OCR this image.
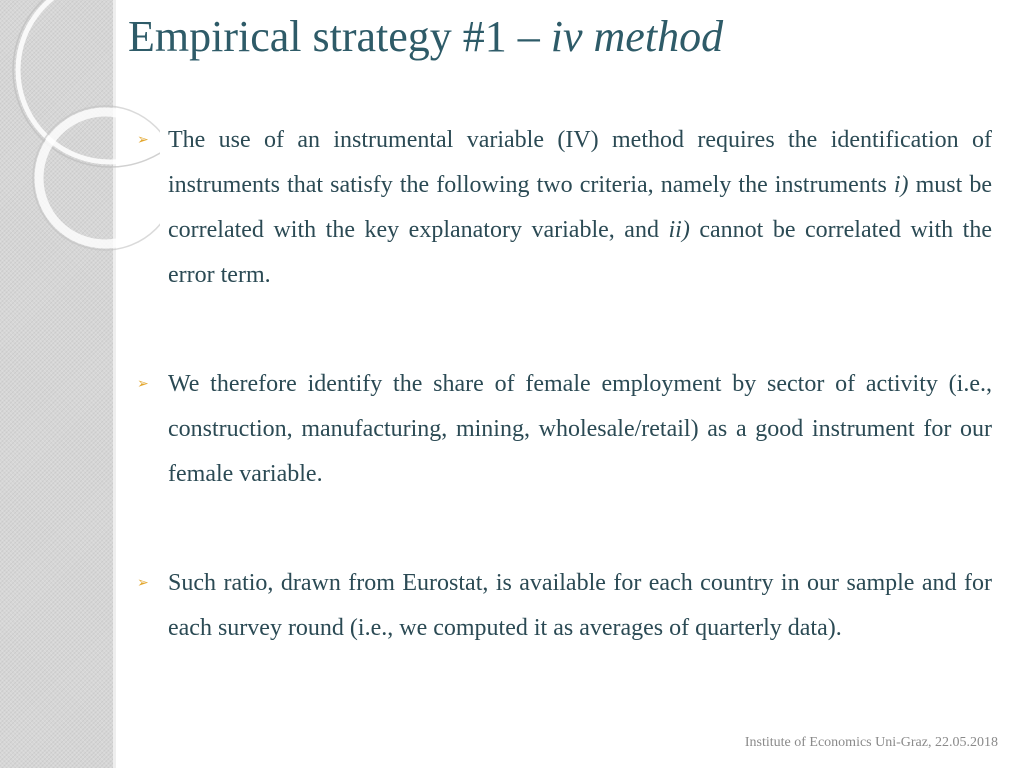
Empirical strategy #1 – iv method
➢ The use of an instrumental variable (IV) method requires the identification of instruments that satisfy the following two criteria, namely the instruments i) must be correlated with the key explanatory variable, and ii) cannot be correlated with the error term.

➢ We therefore identify the share of female employment by sector of activity (i.e., construction, manufacturing, mining, wholesale/retail) as a good instrument for our female variable.

➢ Such ratio, drawn from Eurostat, is available for each country in our sample and for each survey round (i.e., we computed it as averages of quarterly data).

Institute of Economics Uni-Graz, 22.05.2018
